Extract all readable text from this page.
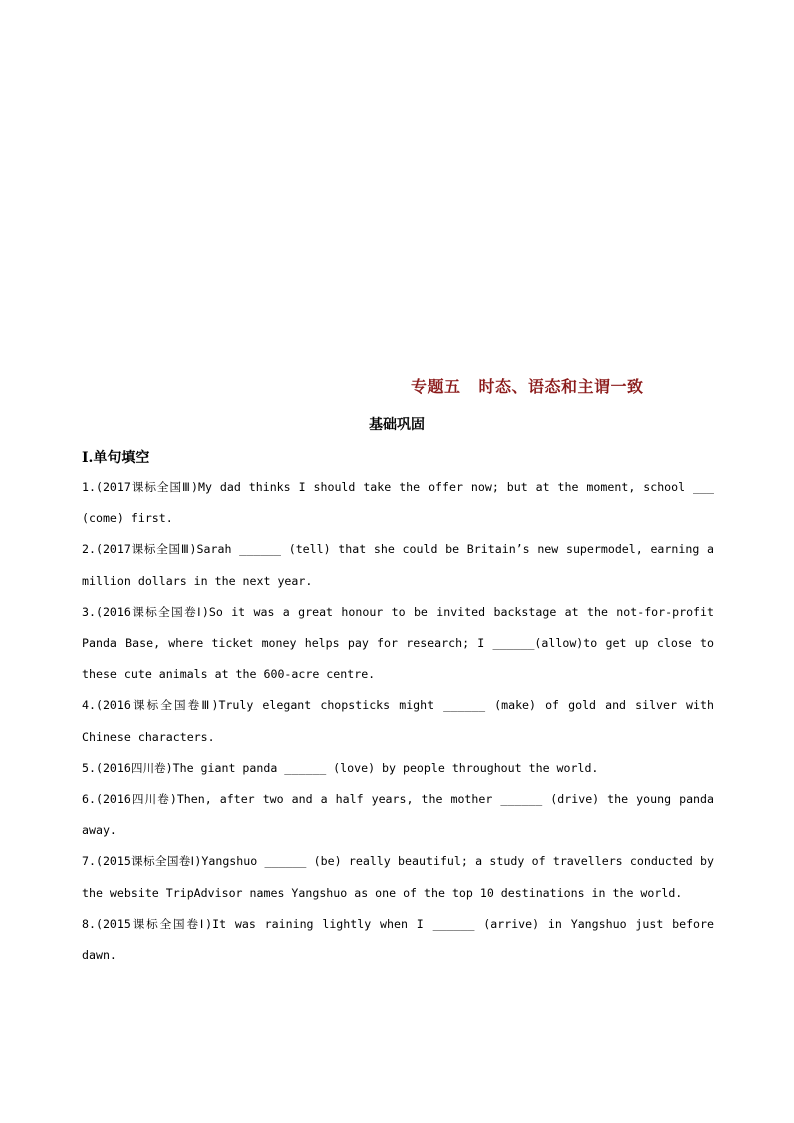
专题五 时态、语态和主谓一致
基础巩固
Ⅰ.单句填空

1.(2017课标全国Ⅲ)My dad thinks I should take the offer now; but at the moment, school ___ (come) first.

2.(2017课标全国Ⅲ)Sarah ______ (tell) that she could be Britain’s new supermodel, earning a million dollars in the next year.

3.(2016课标全国卷Ⅰ)So it was a great honour to be invited backstage at the not-for-profit Panda Base, where ticket money helps pay for research; I ______(allow)to get up close to these cute animals at the 600-acre centre.

4.(2016课标全国卷Ⅲ)Truly elegant chopsticks might ______ (make) of gold and silver with Chinese characters.

5.(2016四川卷)The giant panda ______ (love) by people throughout the world.

6.(2016四川卷)Then, after two and a half years, the mother ______ (drive) the young panda away.

7.(2015课标全国卷Ⅰ)Yangshuo ______ (be) really beautiful; a study of travellers conducted by the website TripAdvisor names Yangshuo as one of the top 10 destinations in the world.

8.(2015课标全国卷Ⅰ)It was raining lightly when I ______ (arrive) in Yangshuo just before dawn.
